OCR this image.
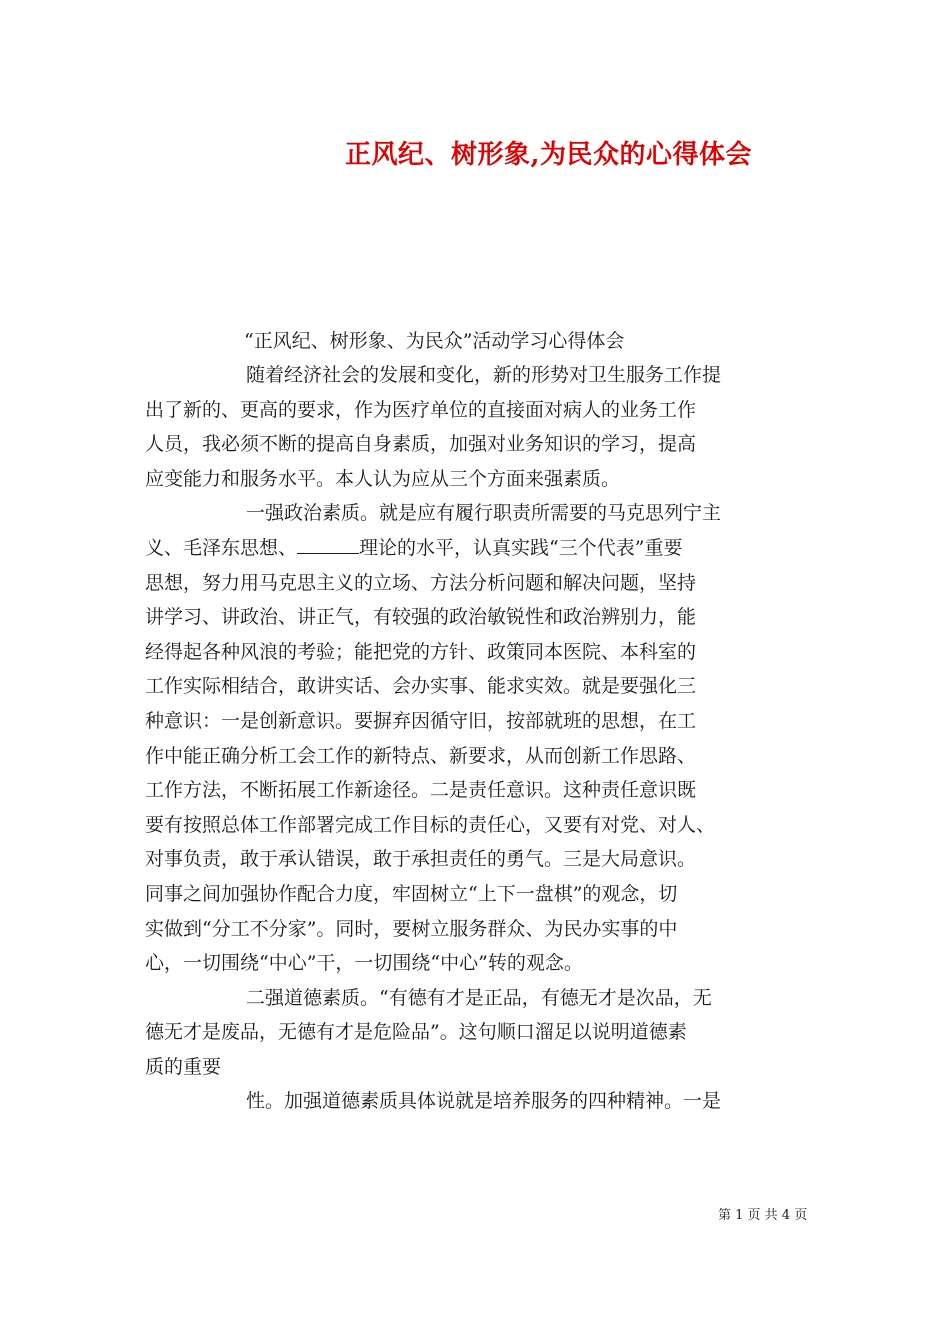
正风纪、树形象,为民众的心得体会
“正风纪、树形象、为民众”活动学习心得体会
随着经济社会的发展和变化，新的形势对卫生服务工作提
出了新的、更高的要求，作为医疗单位的直接面对病人的业务工作
人员，我必须不断的提高自身素质，加强对业务知识的学习，提高
应变能力和服务水平。本人认为应从三个方面来强素质。
一强政治素质。就是应有履行职责所需要的马克思列宁主
义、毛泽东思想、	理论的水平，认真实践“三个代表”重要
思想，努力用马克思主义的立场、方法分析问题和解决问题，坚持
讲学习、讲政治、讲正气，有较强的政治敏锐性和政治辨别力，能
经得起各种风浪的考验；能把党的方针、政策同本医院、本科室的
工作实际相结合，敢讲实话、会办实事、能求实效。就是要强化三
种意识：一是创新意识。要摒弃因循守旧，按部就班的思想，在工
作中能正确分析工会工作的新特点、新要求，从而创新工作思路、
工作方法，不断拓展工作新途径。二是责任意识。这种责任意识既
要有按照总体工作部署完成工作目标的责任心，又要有对党、对人、
对事负责，敢于承认错误，敢于承担责任的勇气。三是大局意识。
同事之间加强协作配合力度，牢固树立“上下一盘棋”的观念，切
实做到“分工不分家”。同时，要树立服务群众、为民办实事的中
心，一切围绕“中心”干，一切围绕“中心”转的观念。
二强道德素质。“有德有才是正品，有德无才是次品，无
德无才是废品，无德有才是危险品”。这句顺口溜足以说明道德素
质的重要
性。加强道德素质具体说就是培养服务的四种精神。一是
第 1 页 共 4 页
